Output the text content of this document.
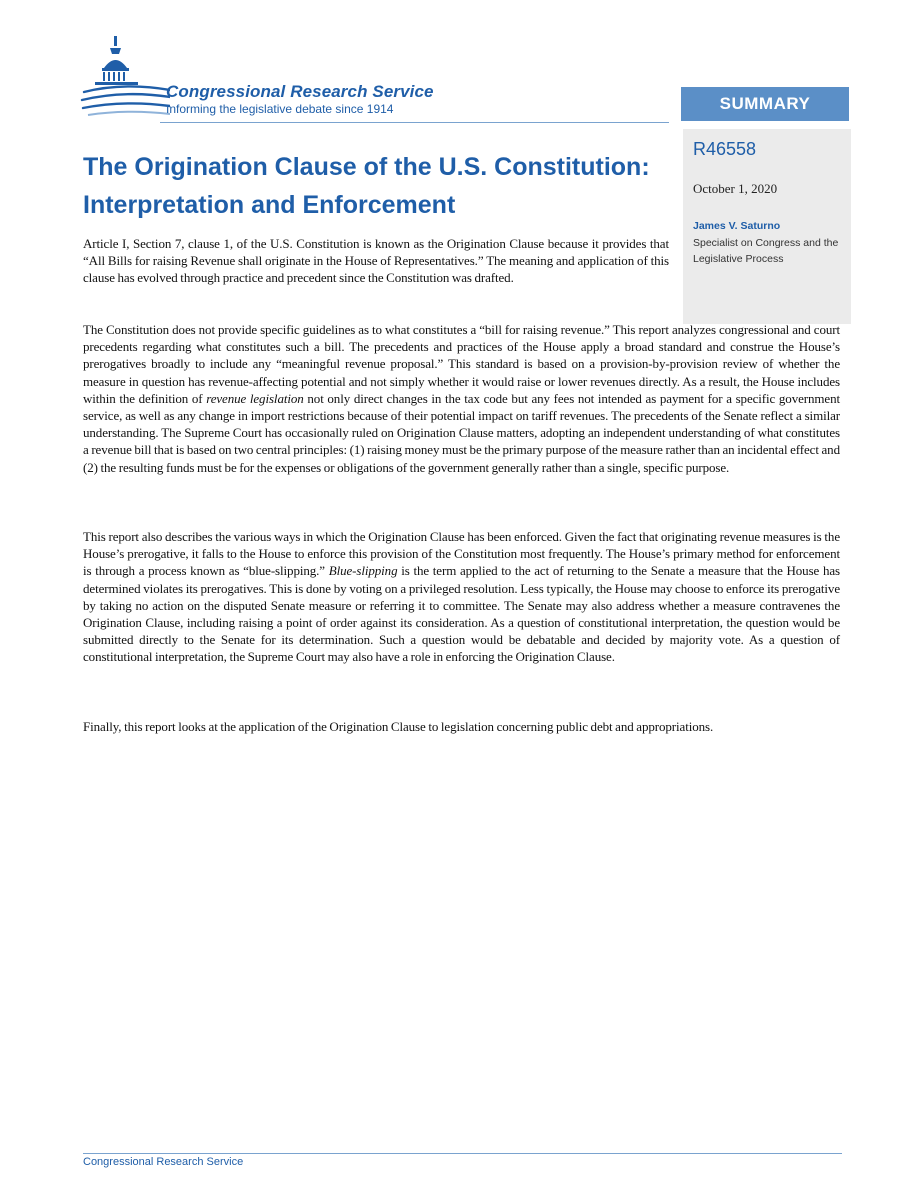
Congressional Research Service
Informing the legislative debate since 1914	SUMMARY
R46558
October 1, 2020
James V. Saturno
Specialist on Congress and the Legislative Process
The Origination Clause of the U.S. Constitution: Interpretation and Enforcement

Article I, Section 7, clause 1, of the U.S. Constitution is known as the Origination Clause because it provides that “All Bills for raising Revenue shall originate in the House of Representatives.” The meaning and application of this clause has evolved through practice and precedent since the Constitution was drafted.

The Constitution does not provide specific guidelines as to what constitutes a “bill for raising revenue.” This report analyzes congressional and court precedents regarding what constitutes such a bill. The precedents and practices of the House apply a broad standard and construe the House’s prerogatives broadly to include any “meaningful revenue proposal.” This standard is based on a provision-by-provision review of whether the measure in question has revenue-affecting potential and not simply whether it would raise or lower revenues directly. As a result, the House includes within the definition of revenue legislation not only direct changes in the tax code but any fees not intended as payment for a specific government service, as well as any change in import restrictions because of their potential impact on tariff revenues. The precedents of the Senate reflect a similar understanding. The Supreme Court has occasionally ruled on Origination Clause matters, adopting an independent understanding of what constitutes a revenue bill that is based on two central principles: (1) raising money must be the primary purpose of the measure rather than an incidental effect and (2) the resulting funds must be for the expenses or obligations of the government generally rather than a single, specific purpose.

This report also describes the various ways in which the Origination Clause has been enforced. Given the fact that originating revenue measures is the House’s prerogative, it falls to the House to enforce this provision of the Constitution most frequently. The House’s primary method for enforcement is through a process known as “blue-slipping.” Blue-slipping is the term applied to the act of returning to the Senate a measure that the House has determined violates its prerogatives. This is done by voting on a privileged resolution. Less typically, the House may choose to enforce its prerogative by taking no action on the disputed Senate measure or referring it to committee. The Senate may also address whether a measure contravenes the Origination Clause, including raising a point of order against its consideration. As a question of constitutional interpretation, the question would be submitted directly to the Senate for its determination. Such a question would be debatable and decided by majority vote. As a question of constitutional interpretation, the Supreme Court may also have a role in enforcing the Origination Clause.

Finally, this report looks at the application of the Origination Clause to legislation concerning public debt and appropriations.

Congressional Research Service
